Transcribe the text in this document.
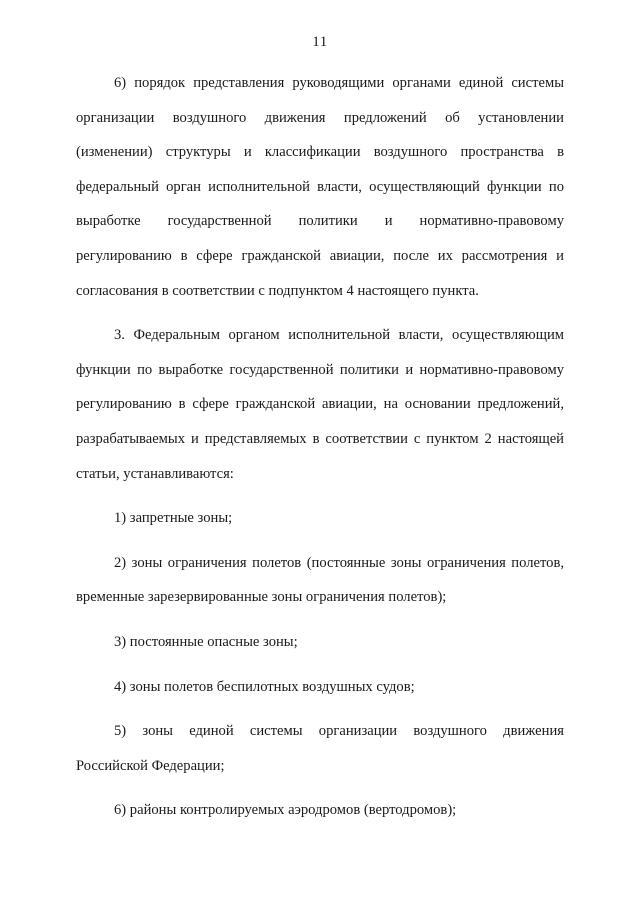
11

6) порядок представления руководящими органами единой системы организации воздушного движения предложений об установлении (изменении) структуры и классификации воздушного пространства в федеральный орган исполнительной власти, осуществляющий функции по выработке государственной политики и нормативно-правовому регулированию в сфере гражданской авиации, после их рассмотрения и согласования в соответствии с подпунктом 4 настоящего пункта.

3. Федеральным органом исполнительной власти, осуществляющим функции по выработке государственной политики и нормативно-правовому регулированию в сфере гражданской авиации, на основании предложений, разрабатываемых и представляемых в соответствии с пунктом 2 настоящей статьи, устанавливаются:

1) запретные зоны;

2) зоны ограничения полетов (постоянные зоны ограничения полетов, временные зарезервированные зоны ограничения полетов);

3) постоянные опасные зоны;

4) зоны полетов беспилотных воздушных судов;

5) зоны единой системы организации воздушного движения Российской Федерации;

6) районы контролируемых аэродромов (вертодромов);
